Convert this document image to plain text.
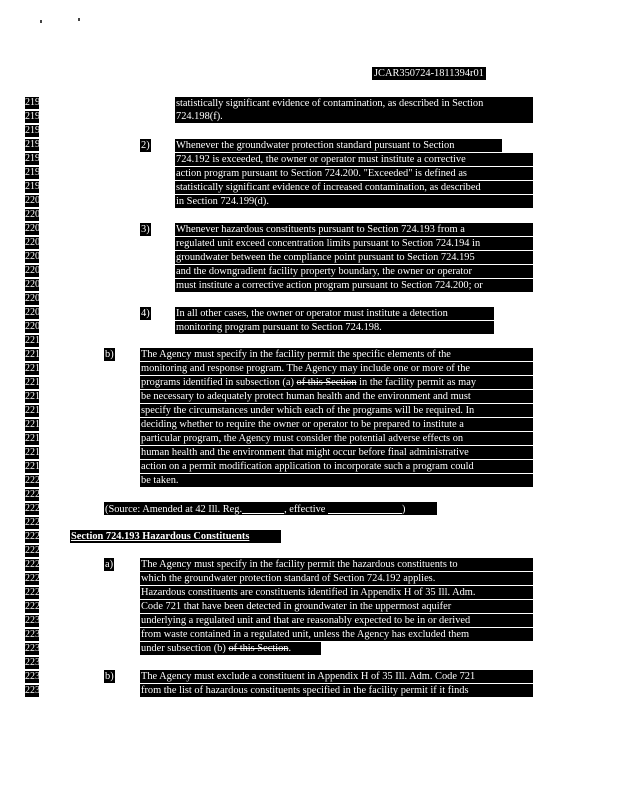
JCAR350724-1811394r01
2193
2194
2195
2196
2197
2198
2199
2200
2201
2202
2203
2204
2205
2206
2207
2208
2209
2210
2211
2212
2213
2214
2215
2216
2217
2218
2219
2220
2221
2222
2223
2224
2225
2226
2227
2228
2229
2230
2231
2232
2233
2234
2235
statistically significant evidence of contamination, as described in Section
724.198(f).
2)	Whenever the groundwater protection standard pursuant to Section
724.192 is exceeded, the owner or operator must institute a corrective
action program pursuant to Section 724.200. "Exceeded" is defined as
statistically significant evidence of increased contamination, as described
in Section 724.199(d).
3)	Whenever hazardous constituents pursuant to Section 724.193 from a
regulated unit exceed concentration limits pursuant to Section 724.194 in
groundwater between the compliance point pursuant to Section 724.195
and the downgradient facility property boundary, the owner or operator
must institute a corrective action program pursuant to Section 724.200; or
4)	In all other cases, the owner or operator must institute a detection
monitoring program pursuant to Section 724.198.
b)	The Agency must specify in the facility permit the specific elements of the
monitoring and response program. The Agency may include one or more of the
programs identified in subsection (a) of this Section in the facility permit as may
be necessary to adequately protect human health and the environment and must
specify the circumstances under which each of the programs will be required. In
deciding whether to require the owner or operator to be prepared to institute a
particular program, the Agency must consider the potential adverse effects on
human health and the environment that might occur before final administrative
action on a permit modification application to incorporate such a program could
be taken.
(Source: Amended at 42 Ill. Reg.	, effective	)
Section 724.193 Hazardous Constituents
a)	The Agency must specify in the facility permit the hazardous constituents to
which the groundwater protection standard of Section 724.192 applies.
Hazardous constituents are constituents identified in Appendix H of 35 Ill. Adm.
Code 721 that have been detected in groundwater in the uppermost aquifer
underlying a regulated unit and that are reasonably expected to be in or derived
from waste contained in a regulated unit, unless the Agency has excluded them
under subsection (b) of this Section.
b)	The Agency must exclude a constituent in Appendix H of 35 Ill. Adm. Code 721
from the list of hazardous constituents specified in the facility permit if it finds
